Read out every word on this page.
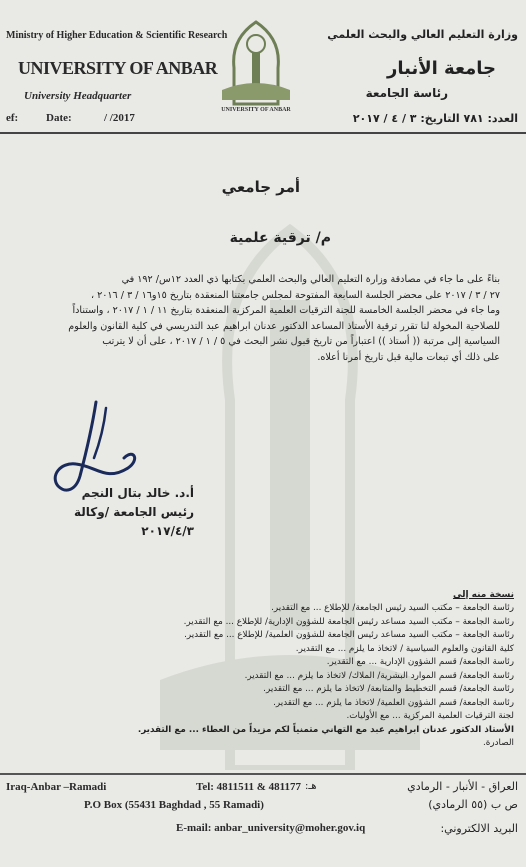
Ministry of Higher Education & Scientific Research
UNIVERSITY OF ANBAR
University Headquarter
UNIVERSITY OF ANBAR
وزارة التعليم العالي والبحث العلمي
جامعة الأنبار
رئاسة الجامعة
ef:	Date:	/ /2017	العدد: ٧٨١ التاريخ: ٣ / ٤ / ٢٠١٧
أمر جامعي
م/ ترقية علمية

بناءً على ما جاء في مصادقة وزارة التعليم العالي والبحث العلمي بكتابها ذي العدد ١٢س/ ١٩٢ في

٢٧ / ٣ / ٢٠١٧ على محضر الجلسة السابعة المفتوحة لمجلس جامعتنا المنعقدة بتاريخ ١٥و١٦ / ٣ / ٢٠١٦ ،

وما جاء في محضر الجلسة الخامسة للجنة الترقيات العلمية المركزية المنعقدة بتاريخ ١١ / ١ / ٢٠١٧ ، واستناداً

للصلاحية المخولة لنا تقرر ترقية الأستاذ المساعد الدكتور عدنان ابراهيم عبد التدريسي في كلية القانون والعلوم

السياسية إلى مرتبة (( أستاذ )) اعتباراً من تاريخ قبول نشر البحث في ٥ / ١ / ٢٠١٧ ، على أن لا يترتب

على ذلك أي تبعات مالية قبل تاريخ أمرنا أعلاه.

أ.د. خالد بتال النجم
رئيس الجامعة /وكالة
٢٠١٧/٤/٣
نسخة منه إلى
رئاسة الجامعة – مكتب السيد رئيس الجامعة/ للإطلاع ... مع التقدير.
رئاسة الجامعة – مكتب السيد مساعد رئيس الجامعة للشؤون الإدارية/ للإطلاع ... مع التقدير.
رئاسة الجامعة – مكتب السيد مساعد رئيس الجامعة للشؤون العلمية/ للإطلاع ... مع التقدير.
كلية القانون والعلوم السياسية / لاتخاذ ما يلزم ... مع التقدير.
رئاسة الجامعة/ قسم الشؤون الإدارية ... مع التقدير.
رئاسة الجامعة/ قسم الموارد البشرية/ الملاك/ لاتخاذ ما يلزم ... مع التقدير.
رئاسة الجامعة/ قسم التخطيط والمتابعة/ لاتخاذ ما يلزم ... مع التقدير.
رئاسة الجامعة/ قسم الشؤون العلمية/ لاتخاذ ما يلزم ... مع التقدير.
لجنة الترقيات العلمية المركزية ... مع الأوليات.
الأستاذ الدكتور عدنان ابراهيم عبد مع التهاني متمنياً لكم مزيداً من العطاء ... مع التقدير.
الصادرة.
Iraq-Anbar –Ramadi	Tel: 4811511 & 481177 هـ:
P.O Box (55431 Baghdad , 55 Ramadi)
E-mail: anbar_university@moher.gov.iq
العراق - الأنبار - الرمادي
ص ب (٥٥ الرمادي)
البريد الالكتروني:
